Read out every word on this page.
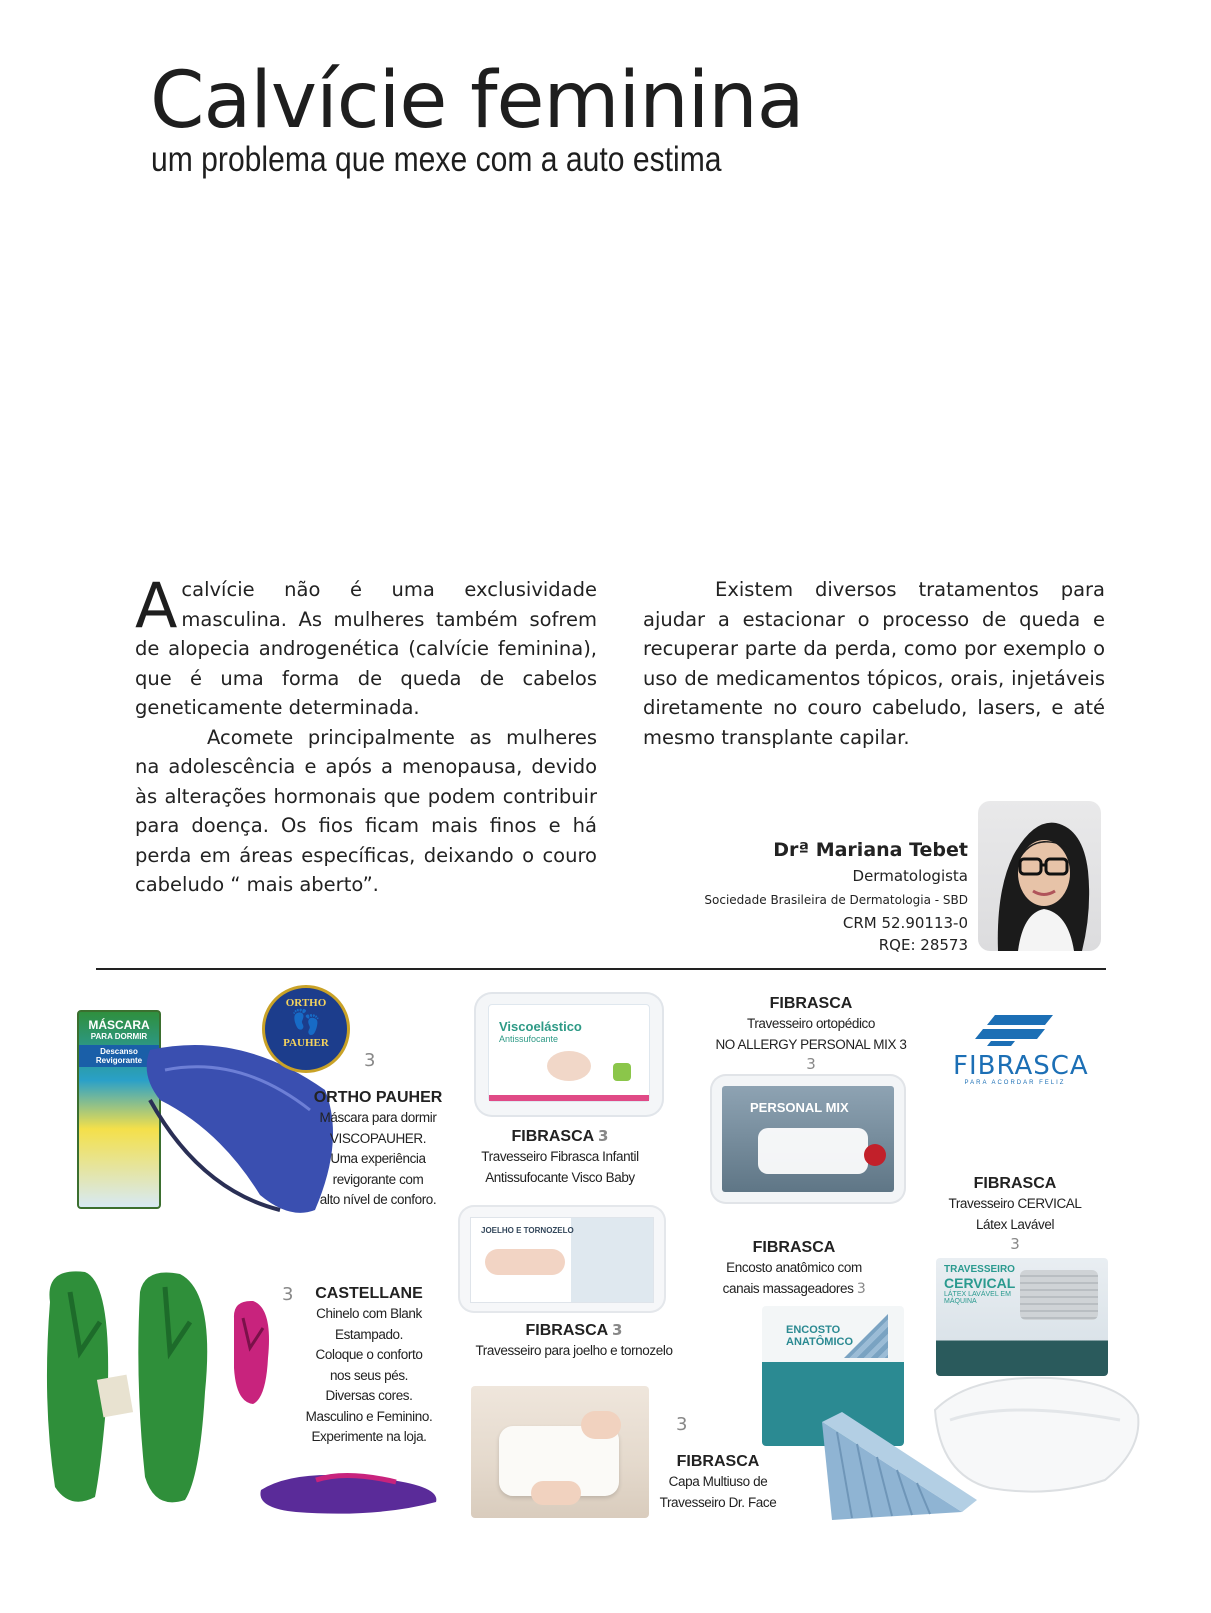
Calvície feminina
um problema que mexe com a auto estima

Acalvície não é uma exclusividade masculina. As mulheres também sofrem de alopecia androgenética (calvície feminina), que é uma forma de queda de cabelos geneticamente determinada.

Acomete principalmente as mulheres na adolescência e após a menopausa, devido às alterações hormonais que podem contribuir para doença. Os fios ficam mais finos e há perda em áreas específicas, deixando o couro cabeludo “ mais aberto”.

Existem diversos tratamentos para ajudar a estacionar o processo de queda e recuperar parte da perda, como por exemplo o uso de medicamentos tópicos, orais, injetáveis diretamente no couro cabeludo, lasers, e até mesmo transplante capilar.

Drª Mariana Tebet
Dermatologista
Sociedade Brasileira de Dermatologia - SBD
CRM 52.90113-0
RQE: 28573
MÁSCARA
PARA DORMIR
Descanso Revigorante
ORTHO
👣
PAUHER
3
ORTHO PAUHER
Máscara para dormir
VISCOPAUHER.
Uma experiência
revigorante com
alto nível de conforo.
3	CASTELLANE
Chinelo com Blank
Estampado.
Coloque o conforto
nos seus pés.
Diversas cores.
Masculino e Feminino.
Experimente na loja.
Viscoelástico
Antissufocante
FIBRASCA 3
Travesseiro Fibrasca Infantil
Antissufocante Visco Baby
JOELHO E TORNOZELO
FIBRASCA 3
Travesseiro para joelho e tornozelo
3
FIBRASCA
Capa Multiuso de
Travesseiro Dr. Face
FIBRASCA
Travesseiro ortopédico
NO ALLERGY PERSONAL MIX 3
3
PERSONAL MIX
FIBRASCA
PARA ACORDAR FELIZ
FIBRASCA
Travesseiro CERVICAL
Látex Lavável
3
TRAVESSEIRO
CERVICAL
LÁTEX LAVÁVEL EM MÁQUINA
FIBRASCA
Encosto anatômico com
canais massageadores 3
ENCOSTO
ANATÔMICO
